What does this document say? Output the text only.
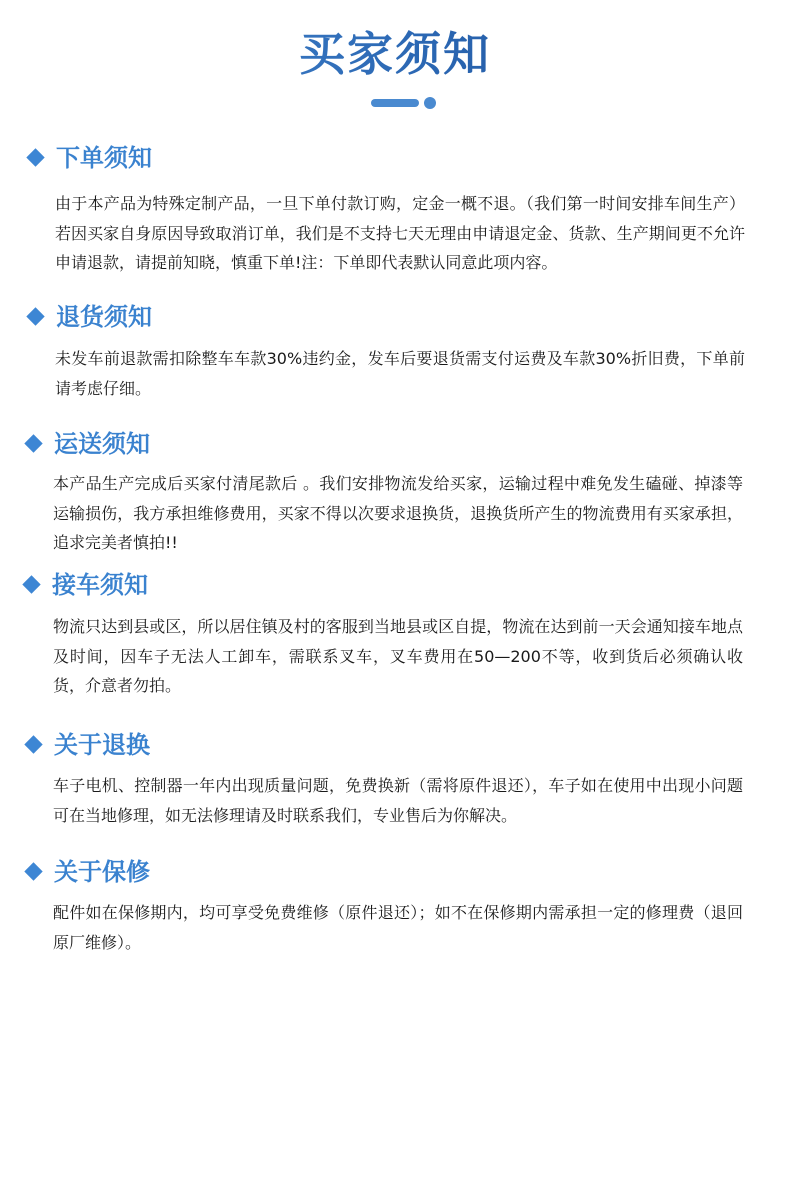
买家须知
下单须知
由于本产品为特殊定制产品，一旦下单付款订购，定金一概不退。（我们第一时间安排车间生产）若因买家自身原因导致取消订单，我们是不支持七天无理由申请退定金、货款、生产期间更不允许申请退款，请提前知晓，慎重下单!注：下单即代表默认同意此项内容。
退货须知
未发车前退款需扣除整车车款30%违约金，发车后要退货需支付运费及车款30%折旧费，下单前请考虑仔细。
运送须知
本产品生产完成后买家付清尾款后 。我们安排物流发给买家，运输过程中难免发生磕碰、掉漆等运输损伤，我方承担维修费用，买家不得以次要求退换货，退换货所产生的物流费用有买家承担，追求完美者慎拍!!
接车须知
物流只达到县或区，所以居住镇及村的客服到当地县或区自提，物流在达到前一天会通知接车地点及时间，因车子无法人工卸车，需联系叉车，叉车费用在50—200不等，收到货后必须确认收货，介意者勿拍。
关于退换
车子电机、控制器一年内出现质量问题，免费换新（需将原件退还），车子如在使用中出现小问题可在当地修理，如无法修理请及时联系我们，专业售后为你解决。
关于保修
配件如在保修期内，均可享受免费维修（原件退还）；如不在保修期内需承担一定的修理费（退回原厂维修）。
